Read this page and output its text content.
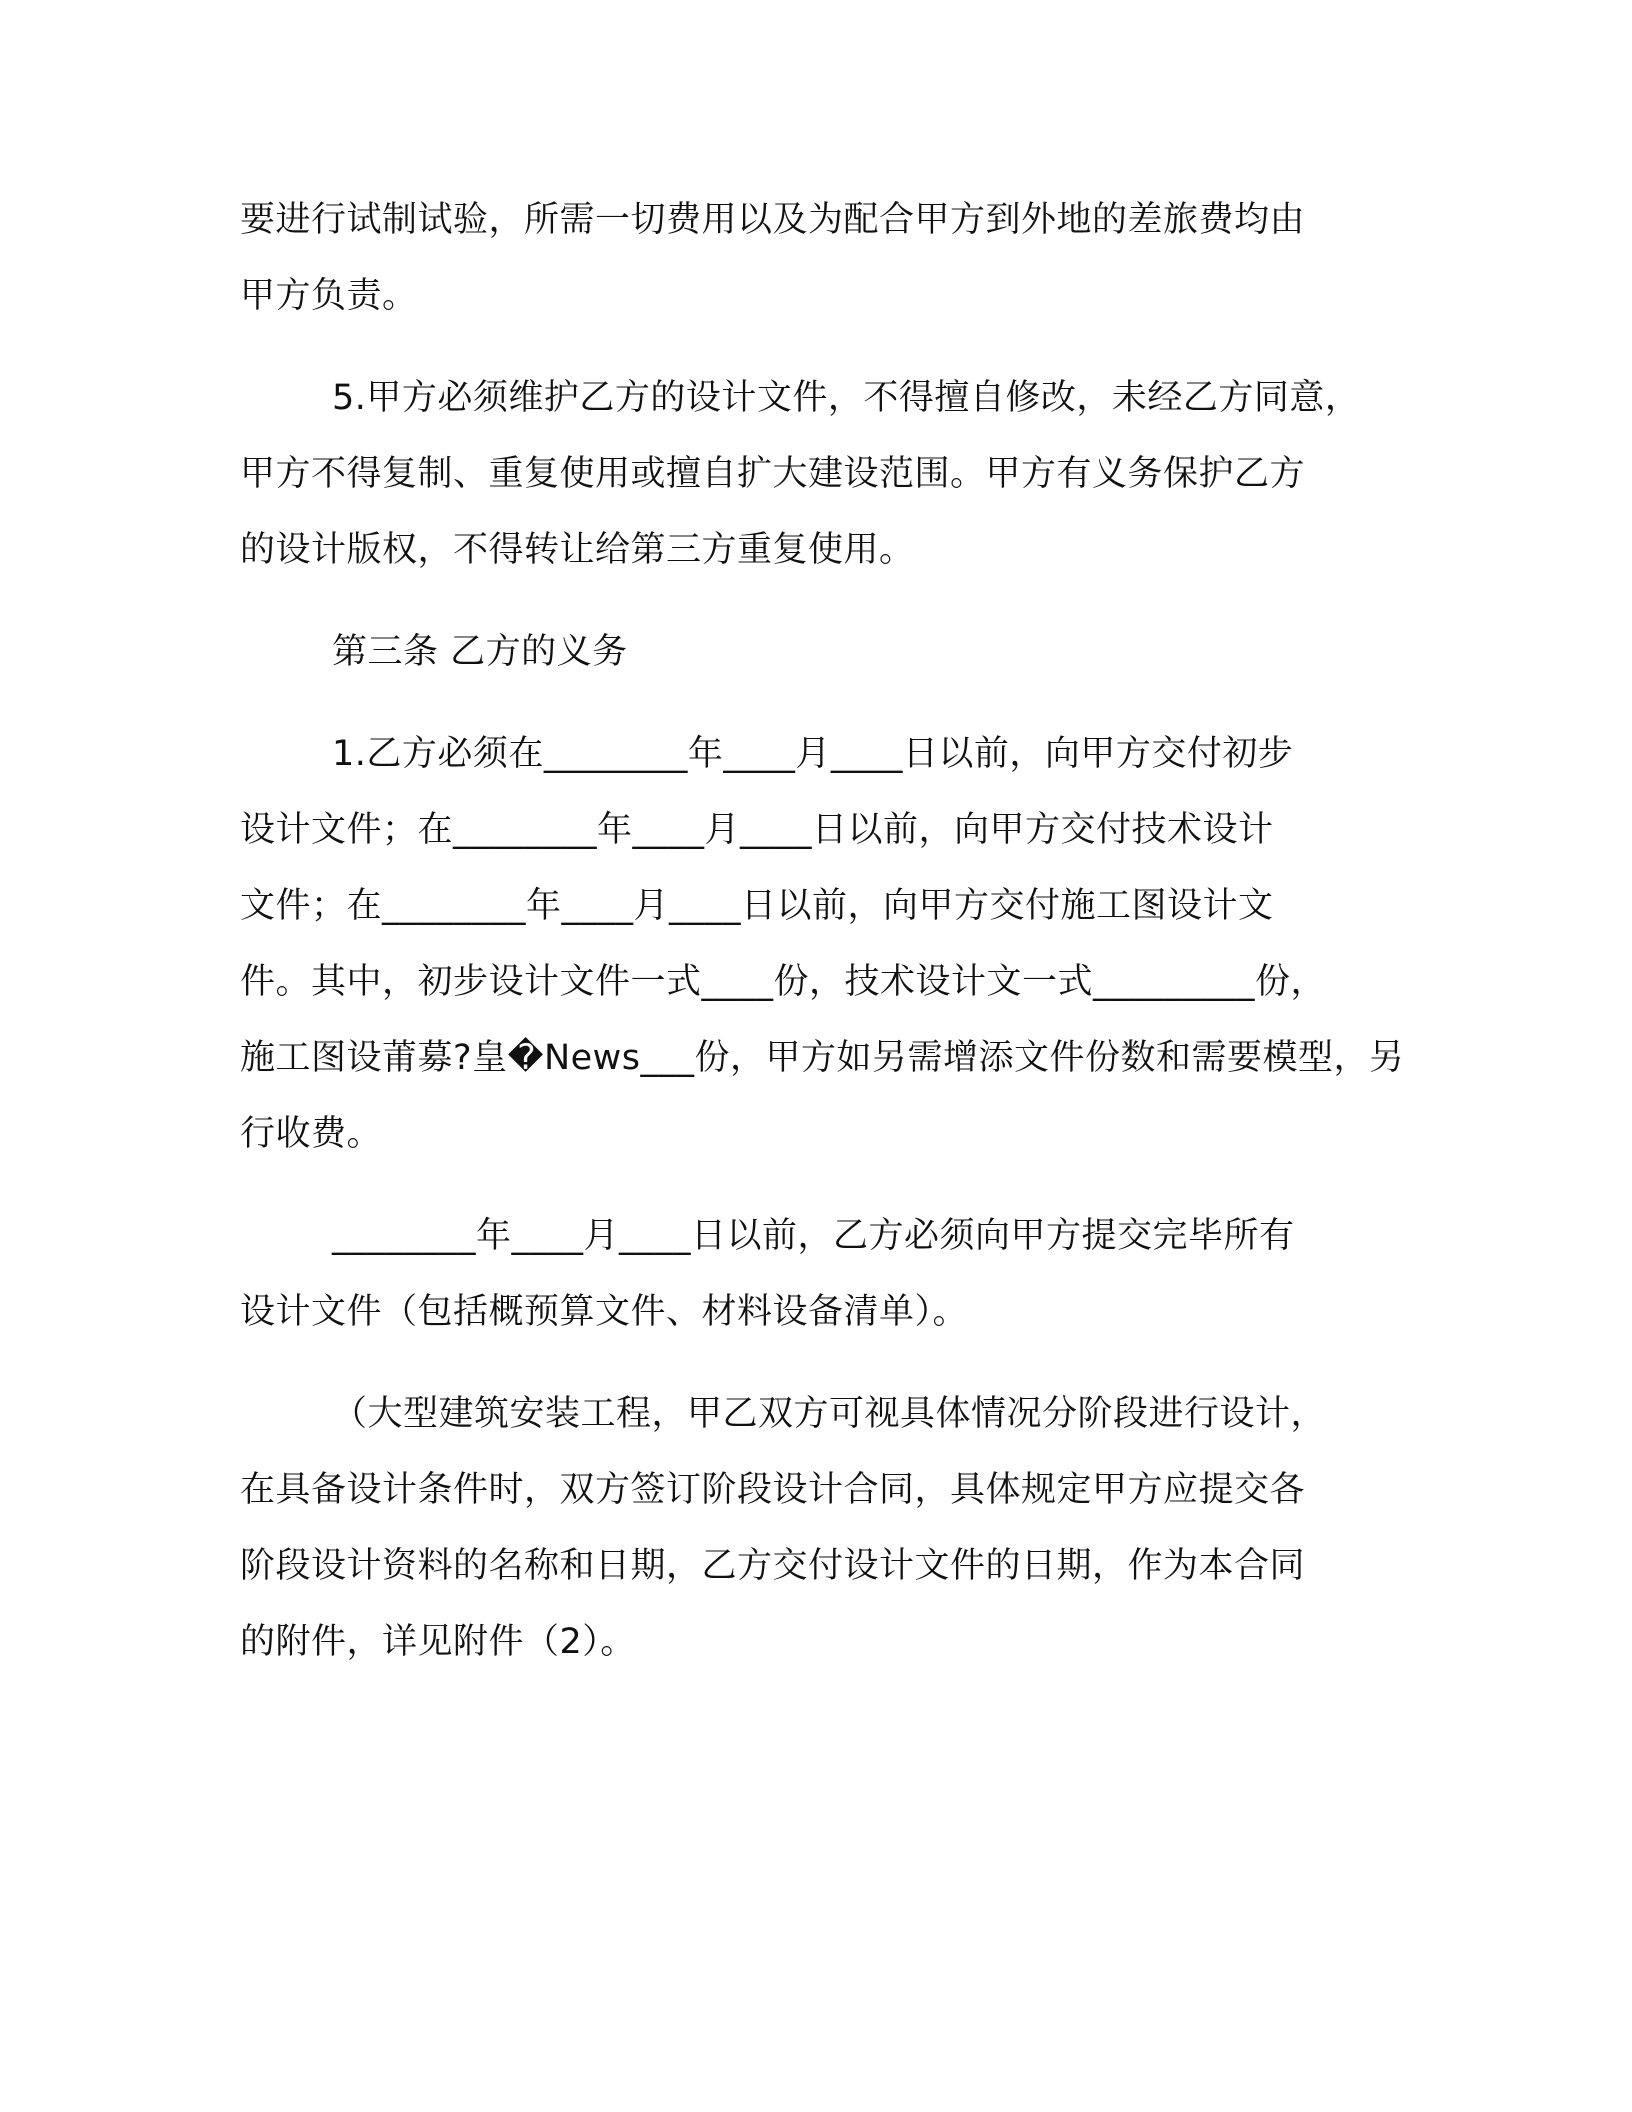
要进行试制试验，所需一切费用以及为配合甲方到外地的差旅费均由
甲方负责。
5.甲方必须维护乙方的设计文件，不得擅自修改，未经乙方同意，
甲方不得复制、重复使用或擅自扩大建设范围。甲方有义务保护乙方
的设计版权，不得转让给第三方重复使用。
第三条 乙方的义务
1.乙方必须在________年____月____日以前，向甲方交付初步
设计文件；在________年____月____日以前，向甲方交付技术设计
文件；在________年____月____日以前，向甲方交付施工图设计文
件。其中，初步设计文件一式____份，技术设计文一式_________份，
施工图设莆募?皇�News___份，甲方如另需增添文件份数和需要模型，另
行收费。
________年____月____日以前，乙方必须向甲方提交完毕所有
设计文件（包括概预算文件、材料设备清单）。
（大型建筑安装工程，甲乙双方可视具体情况分阶段进行设计，
在具备设计条件时，双方签订阶段设计合同，具体规定甲方应提交各
阶段设计资料的名称和日期，乙方交付设计文件的日期，作为本合同
的附件，详见附件（2）。
